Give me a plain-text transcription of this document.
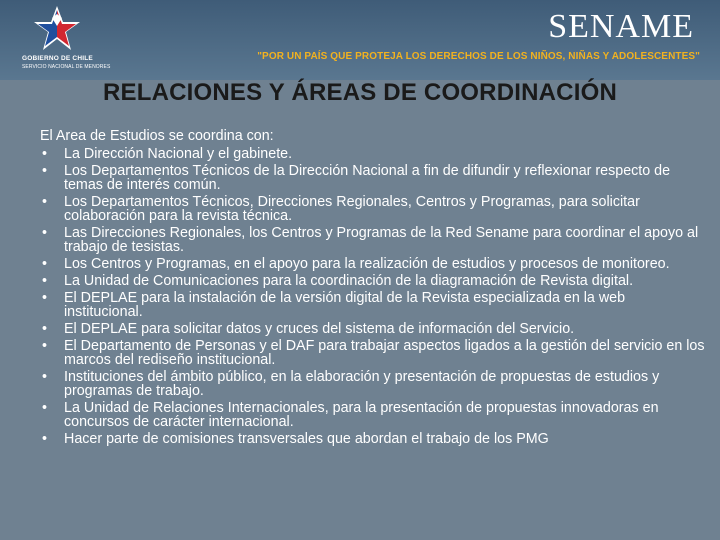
GOBIERNO DE CHILE
SERVICIO NACIONAL DE MENORES
SENAME
"POR UN PAÍS QUE PROTEJA LOS DERECHOS DE LOS NIÑOS, NIÑAS Y ADOLESCENTES"
RELACIONES Y ÁREAS DE COORDINACIÓN
El Area de Estudios se coordina con:
• La Dirección Nacional y el gabinete.
• Los Departamentos Técnicos de la Dirección Nacional a fin de difundir y reflexionar respecto de temas de interés común.
• Los Departamentos Técnicos, Direcciones Regionales, Centros y Programas, para solicitar colaboración para la revista técnica.
• Las Direcciones Regionales, los Centros y Programas de la Red Sename para coordinar el apoyo al trabajo de tesistas.
• Los Centros y Programas, en el apoyo para la realización de estudios y procesos de monitoreo.
• La Unidad de Comunicaciones para la coordinación de la diagramación de Revista digital.
• El DEPLAE para la instalación de la versión digital de la Revista especializada en la web institucional.
• El DEPLAE para solicitar datos y cruces del sistema de información del Servicio.
• El Departamento de Personas y el DAF para trabajar aspectos ligados a la gestión del servicio en los marcos del rediseño institucional.
• Instituciones del ámbito público, en la elaboración y presentación de propuestas de estudios y programas de trabajo.
• La Unidad de Relaciones Internacionales, para la presentación de propuestas innovadoras en concursos de carácter internacional.
• Hacer parte de comisiones transversales que abordan el trabajo de los PMG
